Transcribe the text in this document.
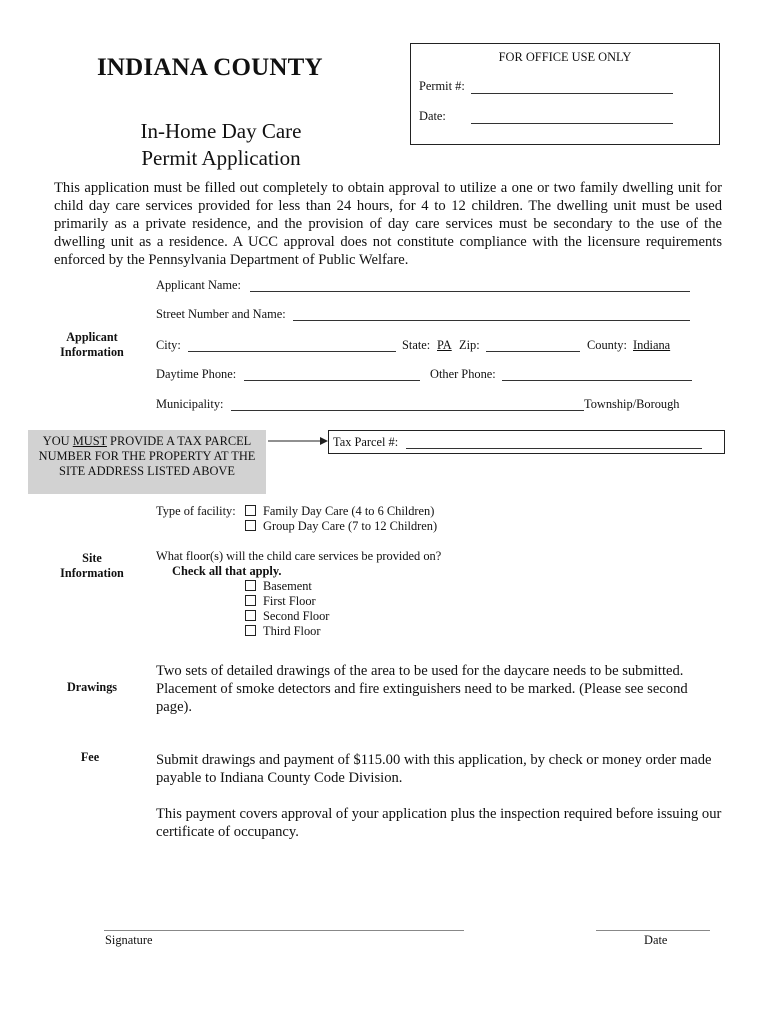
INDIANA COUNTY
In-Home Day Care
Permit Application
FOR OFFICE USE ONLY
Permit #:
Date:
This application must be filled out completely to obtain approval to utilize a one or two family dwelling unit for child day care services provided for less than 24 hours, for 4 to 12 children. The dwelling unit must be used primarily as a private residence, and the provision of day care services must be secondary to the use of the dwelling unit as a residence. A UCC approval does not constitute compliance with the licensure requirements enforced by the Pennsylvania Department of Public Welfare.
Applicant
Information
Applicant Name:
Street Number and Name:
City:	State: PA Zip:	County: Indiana
Daytime Phone:	Other Phone:
Municipality:	Township/Borough
YOU MUST PROVIDE A TAX PARCEL
NUMBER FOR THE PROPERTY AT THE
SITE ADDRESS LISTED ABOVE
Tax Parcel #:
Site
Information
Type of facility:	Family Day Care (4 to 6 Children)
Group Day Care (7 to 12 Children)
What floor(s) will the child care services be provided on?
Check all that apply.
Basement
First Floor
Second Floor
Third Floor
Drawings
Two sets of detailed drawings of the area to be used for the daycare needs to be submitted. Placement of smoke detectors and fire extinguishers need to be marked. (Please see second page).
Fee	Submit drawings and payment of $115.00 with this application, by check or money order made payable to Indiana County Code Division.
This payment covers approval of your application plus the inspection required before issuing our certificate of occupancy.
Signature	Date
